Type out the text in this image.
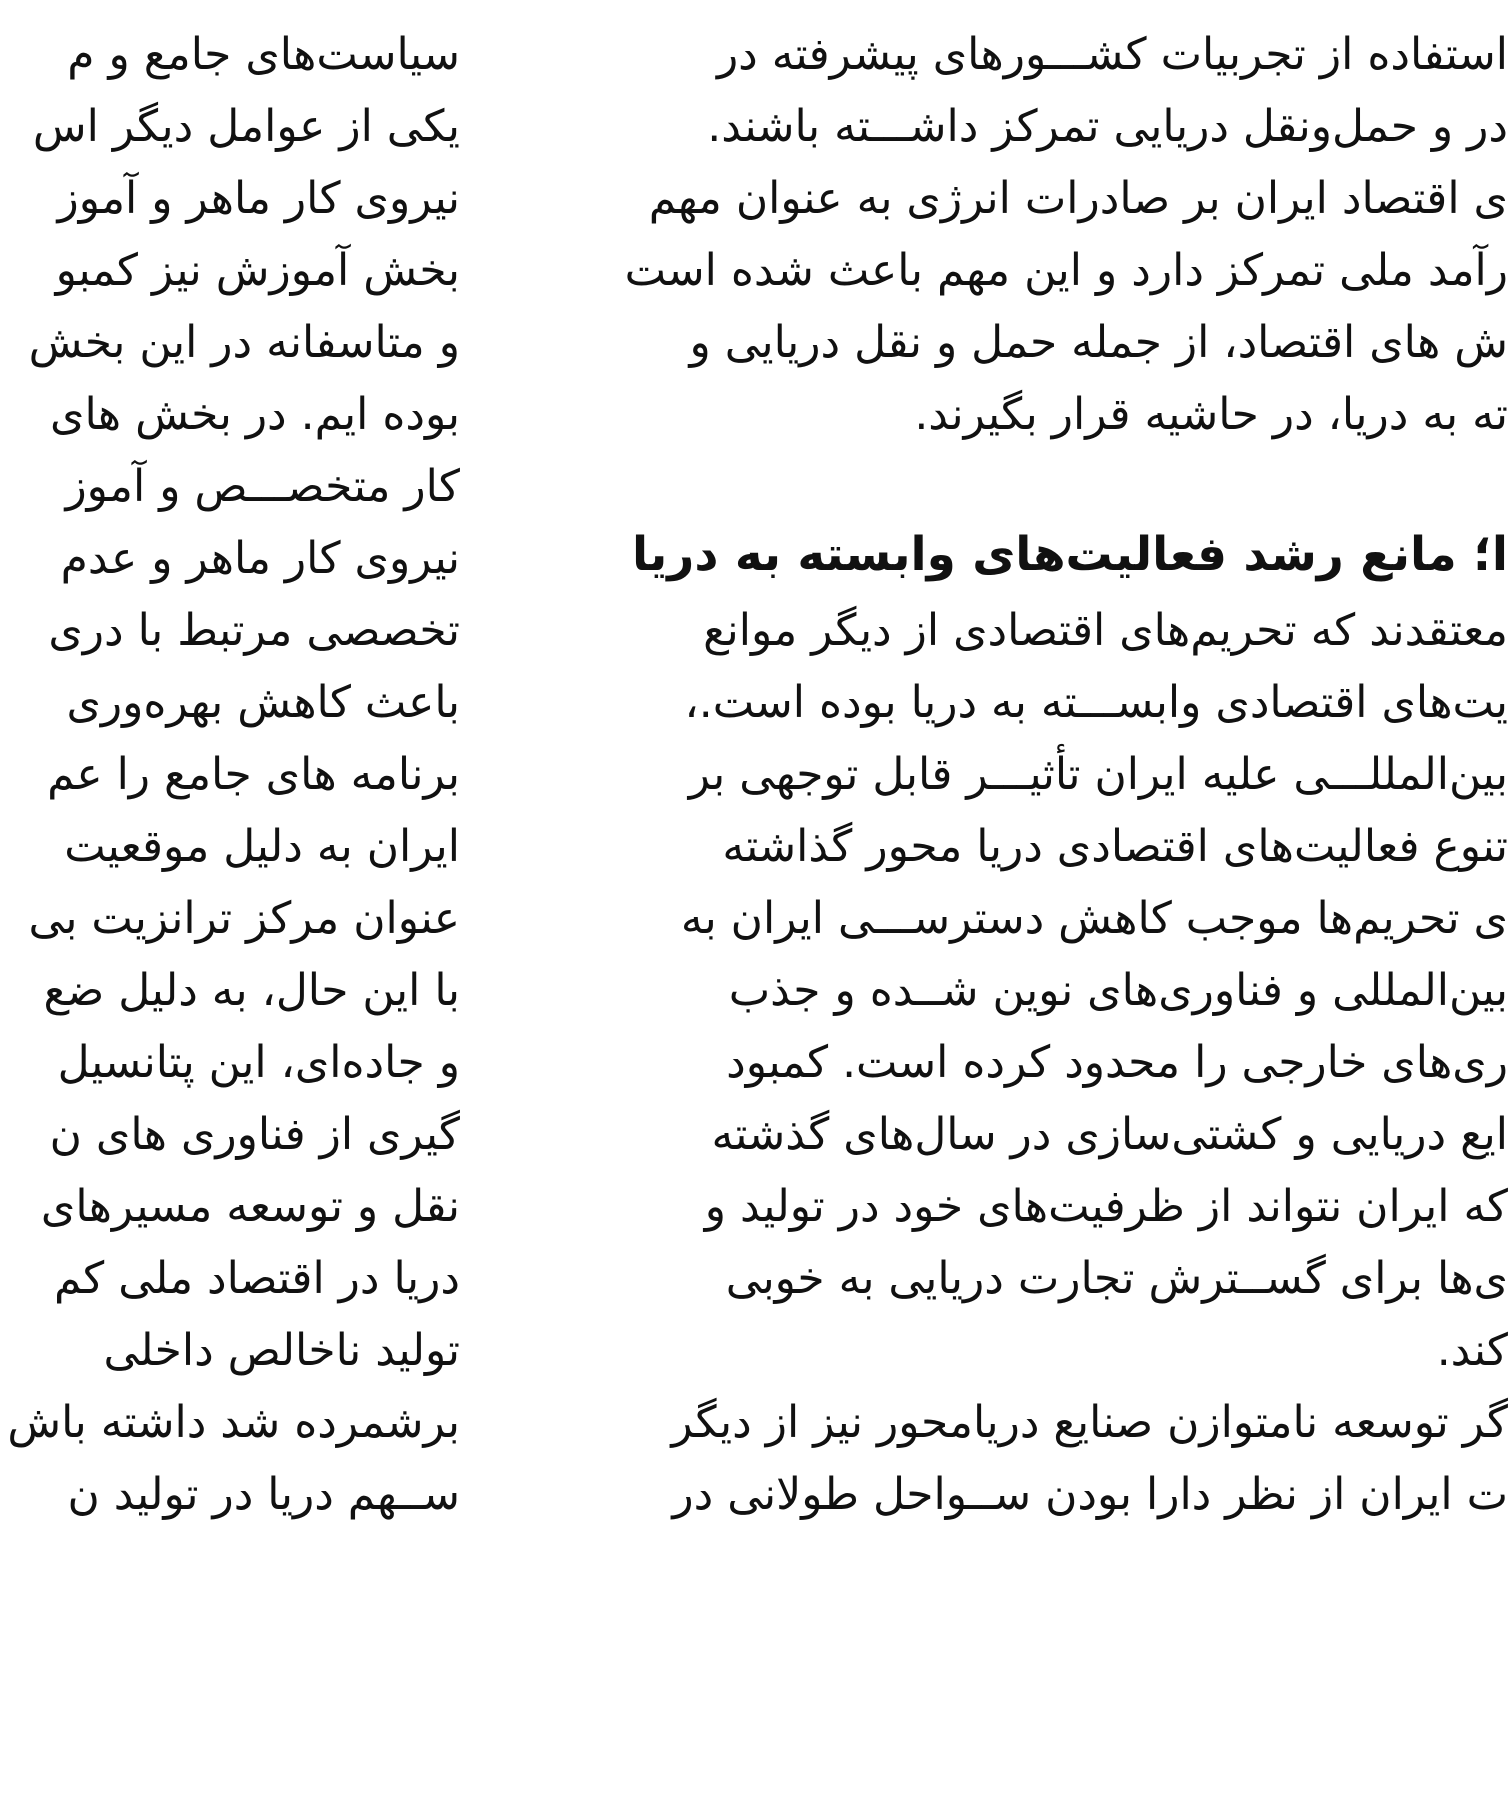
سیاست‌های جامع و م
یکی از عوامل دیگر اس
نیروی کار ماهر و آموز
بخش آموزش نیز کمبو
و متاسفانه در این بخش
بوده ایم. در بخش های
کار متخصـــص و آموز
نیروی کار ماهر و عدم
تخصصی مرتبط با دری
باعث کاهش بهره‌وری
برنامه های جامع را عم
ایران به دلیل موقعیت
عنوان مرکز ترانزیت بی
با این حال، به دلیل ضع
و جاده‌ای، این پتانسیل
گیری از فناوری های ن
نقل و توسعه مسیرهای
دریا در اقتصاد ملی کم
تولید ناخالص داخلی
برشمرده شد داشته باش
ســهم دریا در تولید ن
استفاده از تجربیات کشـــورهای پیشرفته در
در و حمل‌ونقل دریایی تمرکز داشـــته باشند.
ی اقتصاد ایران بر صادرات انرژی به عنوان مهم
رآمد ملی تمرکز دارد و این مهم باعث شده است
ش های اقتصاد، از جمله حمل و نقل دریایی و
ته به دریا، در حاشیه قرار بگیرند.
ا؛ مانع رشد فعالیت‌های وابسته به دریا
معتقدند که تحریم‌های اقتصادی از دیگر موانع
یت‌های اقتصادی وابســـته به دریا بوده است.،
بین‌المللـــی علیه ایران تأثیـــر قابل توجهی بر
تنوع فعالیت‌های اقتصادی دریا محور گذاشته
ی تحریم‌ها موجب کاهش دسترســـی ایران به
بین‌المللی و فناوری‌های نوین شــده و جذب
ری‌های خارجی را محدود کرده است. کمبود
ایع دریایی و کشتی‌سازی در سال‌های گذشته
که ایران نتواند از ظرفیت‌های خود در تولید و
ی‌ها برای گســترش تجارت دریایی به خوبی
کند.
گر توسعه نامتوازن صنایع دریامحور نیز از دیگر
ت ایران از نظر دارا بودن ســواحل طولانی در
